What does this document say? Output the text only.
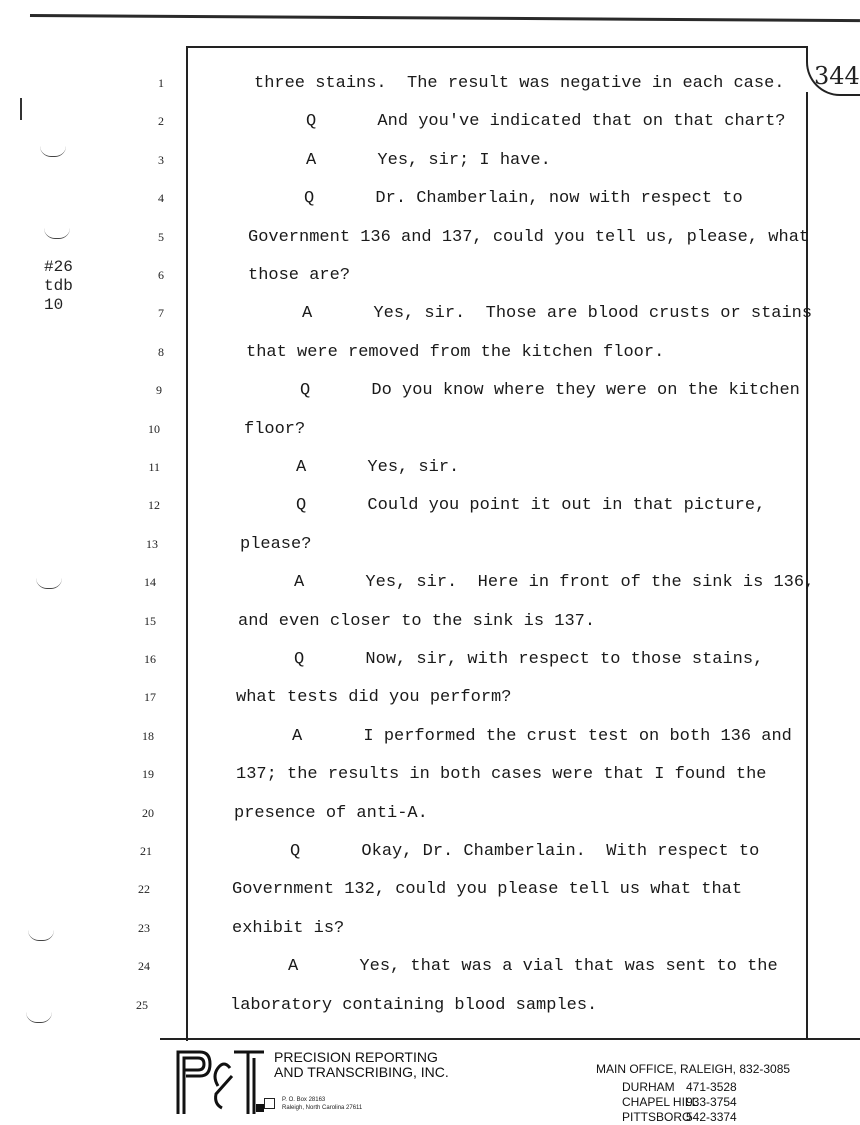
344
#26
tdb
10
1	three stains.  The result was negative in each case.
2	Q      And you've indicated that on that chart?
3	A      Yes, sir; I have.
4	Q      Dr. Chamberlain, now with respect to
5	Government 136 and 137, could you tell us, please, what
6	those are?
7	A      Yes, sir.  Those are blood crusts or stains
8	that were removed from the kitchen floor.
9	Q      Do you know where they were on the kitchen
10	floor?
11	A      Yes, sir.
12	Q      Could you point it out in that picture,
13	please?
14	A      Yes, sir.  Here in front of the sink is 136,
15	and even closer to the sink is 137.
16	Q      Now, sir, with respect to those stains,
17	what tests did you perform?
18	A      I performed the crust test on both 136 and
19	137; the results in both cases were that I found the
20	presence of anti-A.
21	Q      Okay, Dr. Chamberlain.  With respect to
22	Government 132, could you please tell us what that
23	exhibit is?
24	A      Yes, that was a vial that was sent to the
25	laboratory containing blood samples.
PRECISION REPORTING
AND TRANSCRIBING, INC.
P. O. Box 28163
Raleigh, North Carolina 27611
MAIN OFFICE, RALEIGH, 832-3085
DURHAM 471-3528
CHAPEL HILL
933-3754
PITTSBORO
542-3374
